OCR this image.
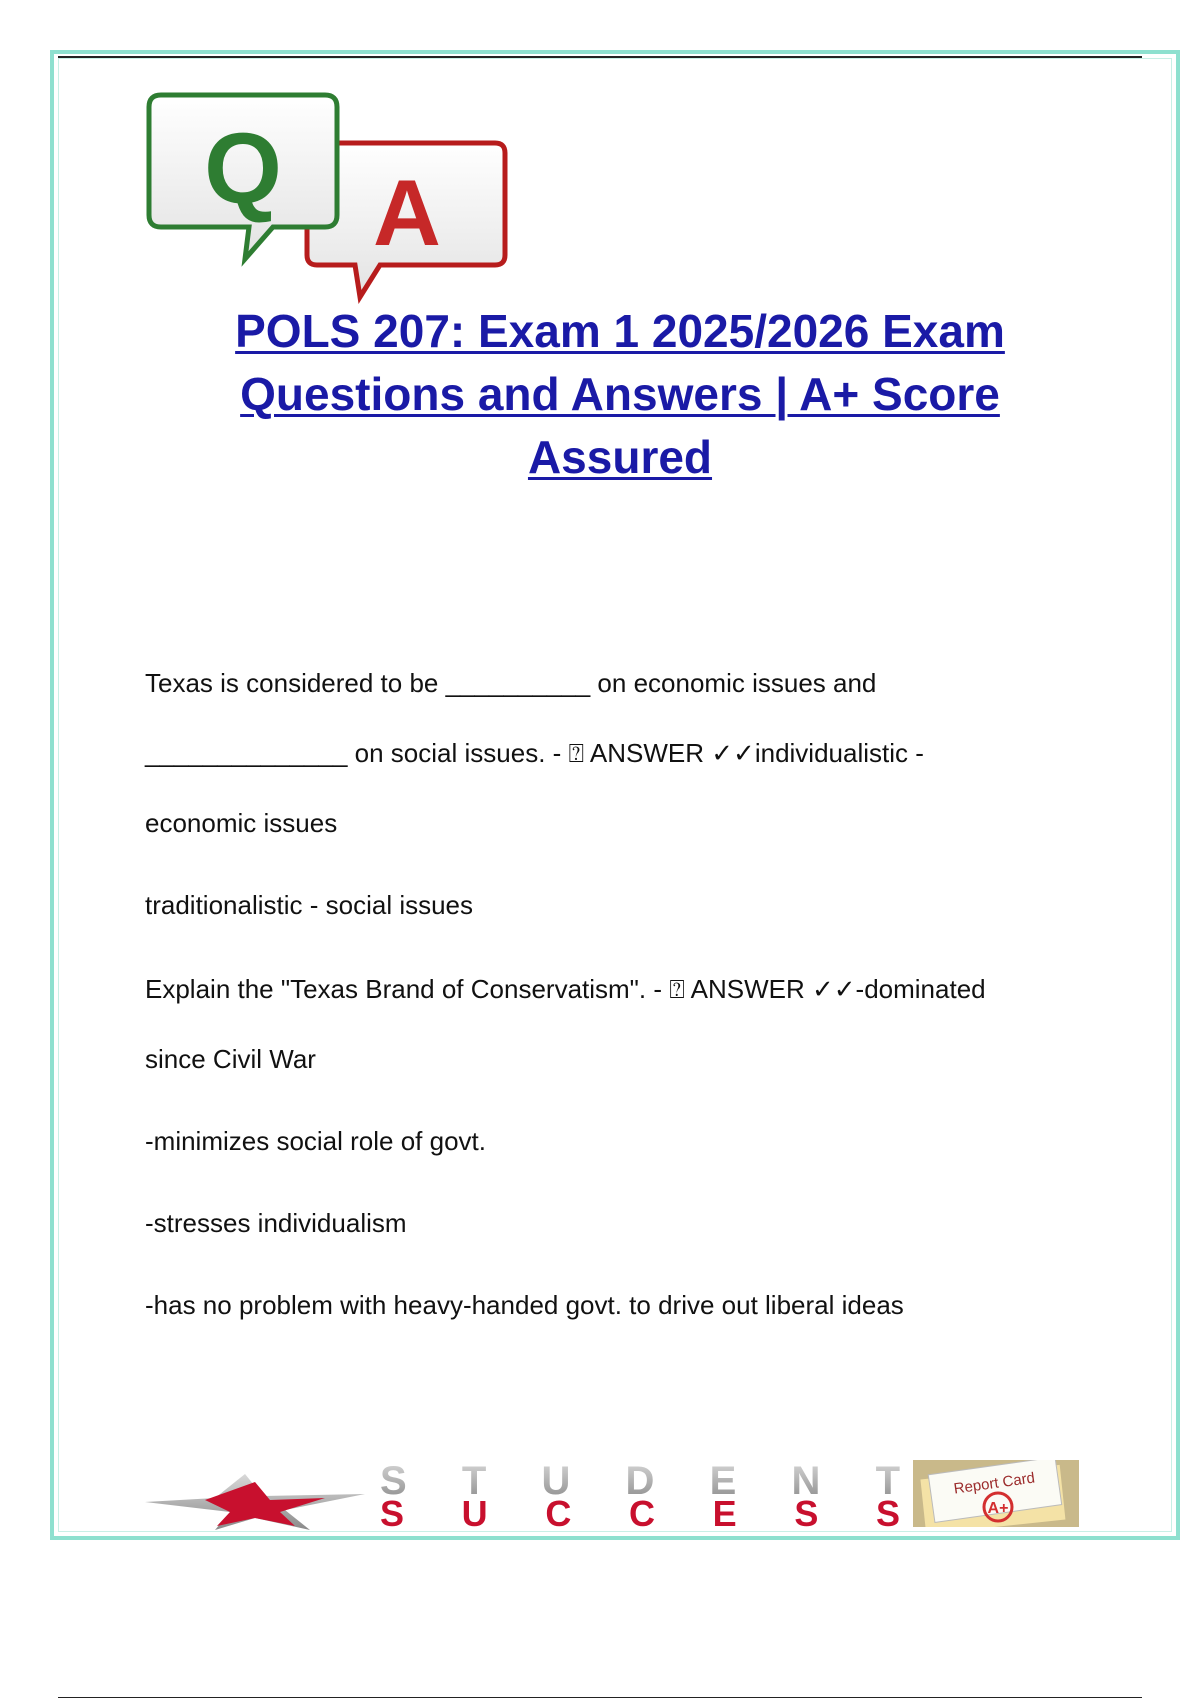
A
Q
POLS 207: Exam 1 2025/2026 Exam
Questions and Answers | A+ Score
Assured

Texas is considered to be __________ on economic issues and

______________ on social issues. - ⍰ ANSWER ✓✓individualistic -

economic issues

traditionalistic - social issues

Explain the "Texas Brand of Conservatism". - ⍰ ANSWER ✓✓-dominated

since Civil War

-minimizes social role of govt.

-stresses individualism

-has no problem with heavy-handed govt. to drive out liberal ideas

STUDENT
SUCCESS
Report Card
A+
